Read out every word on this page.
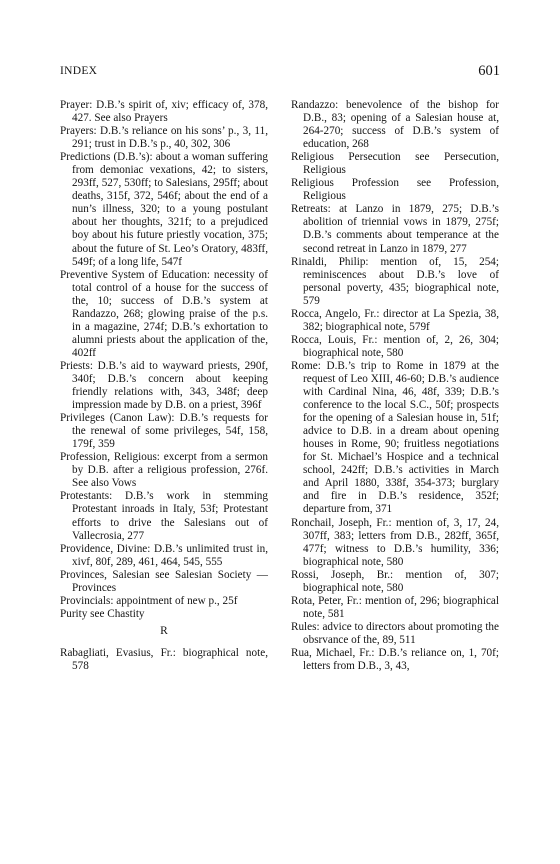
INDEX	601

Prayer: D.B.’s spirit of, xiv; efficacy of, 378, 427. See also Prayers

Prayers: D.B.’s reliance on his sons’ p., 3, 11, 291; trust in D.B.’s p., 40, 302, 306

Predictions (D.B.’s): about a woman suffering from demoniac vexations, 42; to sisters, 293ff, 527, 530ff; to Salesians, 295ff; about deaths, 315f, 372, 546f; about the end of a nun’s illness, 320; to a young postulant about her thoughts, 321f; to a prejudiced boy about his future priestly vocation, 375; about the future of St. Leo’s Oratory, 483ff, 549f; of a long life, 547f

Preventive System of Education: necessity of total control of a house for the success of the, 10; success of D.B.’s system at Randazzo, 268; glowing praise of the p.s. in a magazine, 274f; D.B.’s exhortation to alumni priests about the application of the, 402ff

Priests: D.B.’s aid to wayward priests, 290f, 340f; D.B.’s concern about keeping friendly relations with, 343, 348f; deep impression made by D.B. on a priest, 396f

Privileges (Canon Law): D.B.’s requests for the renewal of some privileges, 54f, 158, 179f, 359

Profession, Religious: excerpt from a sermon by D.B. after a religious profession, 276f. See also Vows

Protestants: D.B.’s work in stemming Protestant inroads in Italy, 53f; Protestant efforts to drive the Salesians out of Vallecrosia, 277

Providence, Divine: D.B.’s unlimited trust in, xivf, 80f, 289, 461, 464, 545, 555

Provinces, Salesian see Salesian Society —Provinces

Provincials: appointment of new p., 25f

Purity see Chastity

R

Rabagliati, Evasius, Fr.: biographical note, 578

Randazzo: benevolence of the bishop for D.B., 83; opening of a Salesian house at, 264-270; success of D.B.’s system of education, 268

Religious Persecution see Persecution, Religious

Religious Profession see Profession, Religious

Retreats: at Lanzo in 1879, 275; D.B.’s abolition of triennial vows in 1879, 275f; D.B.’s comments about temperance at the second retreat in Lanzo in 1879, 277

Rinaldi, Philip: mention of, 15, 254; reminiscences about D.B.’s love of personal poverty, 435; biographical note, 579

Rocca, Angelo, Fr.: director at La Spezia, 38, 382; biographical note, 579f

Rocca, Louis, Fr.: mention of, 2, 26, 304; biographical note, 580

Rome: D.B.’s trip to Rome in 1879 at the request of Leo XIII, 46-60; D.B.’s audience with Cardinal Nina, 46, 48f, 339; D.B.’s conference to the local S.C., 50f; prospects for the opening of a Salesian house in, 51f; advice to D.B. in a dream about opening houses in Rome, 90; fruitless negotiations for St. Michael’s Hospice and a technical school, 242ff; D.B.’s activities in March and April 1880, 338f, 354-373; burglary and fire in D.B.’s residence, 352f; departure from, 371

Ronchail, Joseph, Fr.: mention of, 3, 17, 24, 307ff, 383; letters from D.B., 282ff, 365f, 477f; witness to D.B.’s humility, 336; biographical note, 580

Rossi, Joseph, Br.: mention of, 307; biographical note, 580

Rota, Peter, Fr.: mention of, 296; biographical note, 581

Rules: advice to directors about promoting the obsrvance of the, 89, 511

Rua, Michael, Fr.: D.B.’s reliance on, 1, 70f; letters from D.B., 3, 43,
